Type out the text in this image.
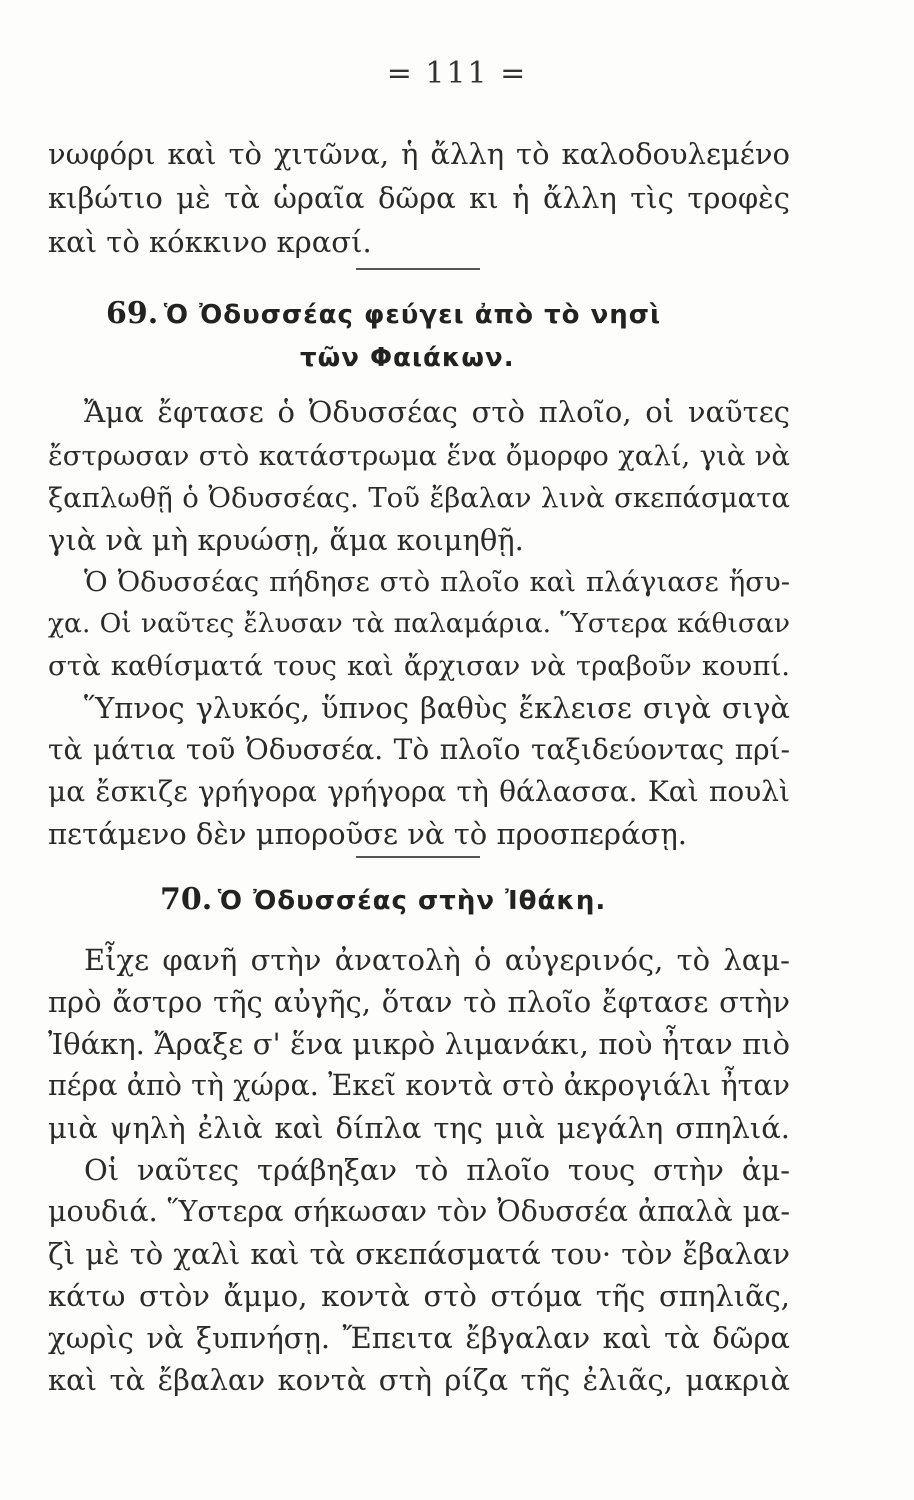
= 111 =
νωφόρι καὶ τὸ χιτῶνα, ἡ ἄλλη τὸ καλοδουλεμένο
κιβώτιο μὲ τὰ ὡραῖα δῶρα κι ἡ ἄλλη τὶς τροφὲς
καὶ τὸ κόκκινο κρασί.
69. Ὁ Ὀδυσσέας φεύγει ἀπὸ τὸ νησὶ
τῶν Φαιάκων.
Ἄμα ἔφτασε ὁ Ὀδυσσέας στὸ πλοῖο, οἱ ναῦτες
ἔστρωσαν στὸ κατάστρωμα ἕνα ὄμορφο χαλί, γιὰ νὰ
ξαπλωθῇ ὁ Ὀδυσσέας. Τοῦ ἔβαλαν λινὰ σκεπάσματα
γιὰ νὰ μὴ κρυώσῃ, ἅμα κοιμηθῇ.
Ὁ Ὀδυσσέας πήδησε στὸ πλοῖο καὶ πλάγιασε ἥσυ-
χα. Οἱ ναῦτες ἔλυσαν τὰ παλαμάρια. Ὕστερα κάθισαν
στὰ καθίσματά τους καὶ ἄρχισαν νὰ τραβοῦν κουπί.
Ὕπνος γλυκός, ὕπνος βαθὺς ἔκλεισε σιγὰ σιγὰ
τὰ μάτια τοῦ Ὀδυσσέα. Τὸ πλοῖο ταξιδεύοντας πρί-
μα ἔσκιζε γρήγορα γρήγορα τὴ θάλασσα. Καὶ πουλὶ
πετάμενο δὲν μποροῦσε νὰ τὸ προσπεράσῃ.
70. Ὁ Ὀδυσσέας στὴν Ἰθάκη.
Εἶχε φανῆ στὴν ἀνατολὴ ὁ αὐγερινός, τὸ λαμ-
πρὸ ἄστρο τῆς αὐγῆς, ὅταν τὸ πλοῖο ἔφτασε στὴν
Ἰθάκη. Ἄραξε σ' ἕνα μικρὸ λιμανάκι, ποὺ ἦταν πιὸ
πέρα ἀπὸ τὴ χώρα. Ἐκεῖ κοντὰ στὸ ἀκρογιάλι ἦταν
μιὰ ψηλὴ ἐλιὰ καὶ δίπλα της μιὰ μεγάλη σπηλιά.
Οἱ ναῦτες τράβηξαν τὸ πλοῖο τους στὴν ἀμ-
μουδιά. Ὕστερα σήκωσαν τὸν Ὀδυσσέα ἀπαλὰ μα-
ζὶ μὲ τὸ χαλὶ καὶ τὰ σκεπάσματά του· τὸν ἔβαλαν
κάτω στὸν ἄμμο, κοντὰ στὸ στόμα τῆς σπηλιᾶς,
χωρὶς νὰ ξυπνήσῃ. Ἔπειτα ἔβγαλαν καὶ τὰ δῶρα
καὶ τὰ ἔβαλαν κοντὰ στὴ ρίζα τῆς ἐλιᾶς, μακριὰ
